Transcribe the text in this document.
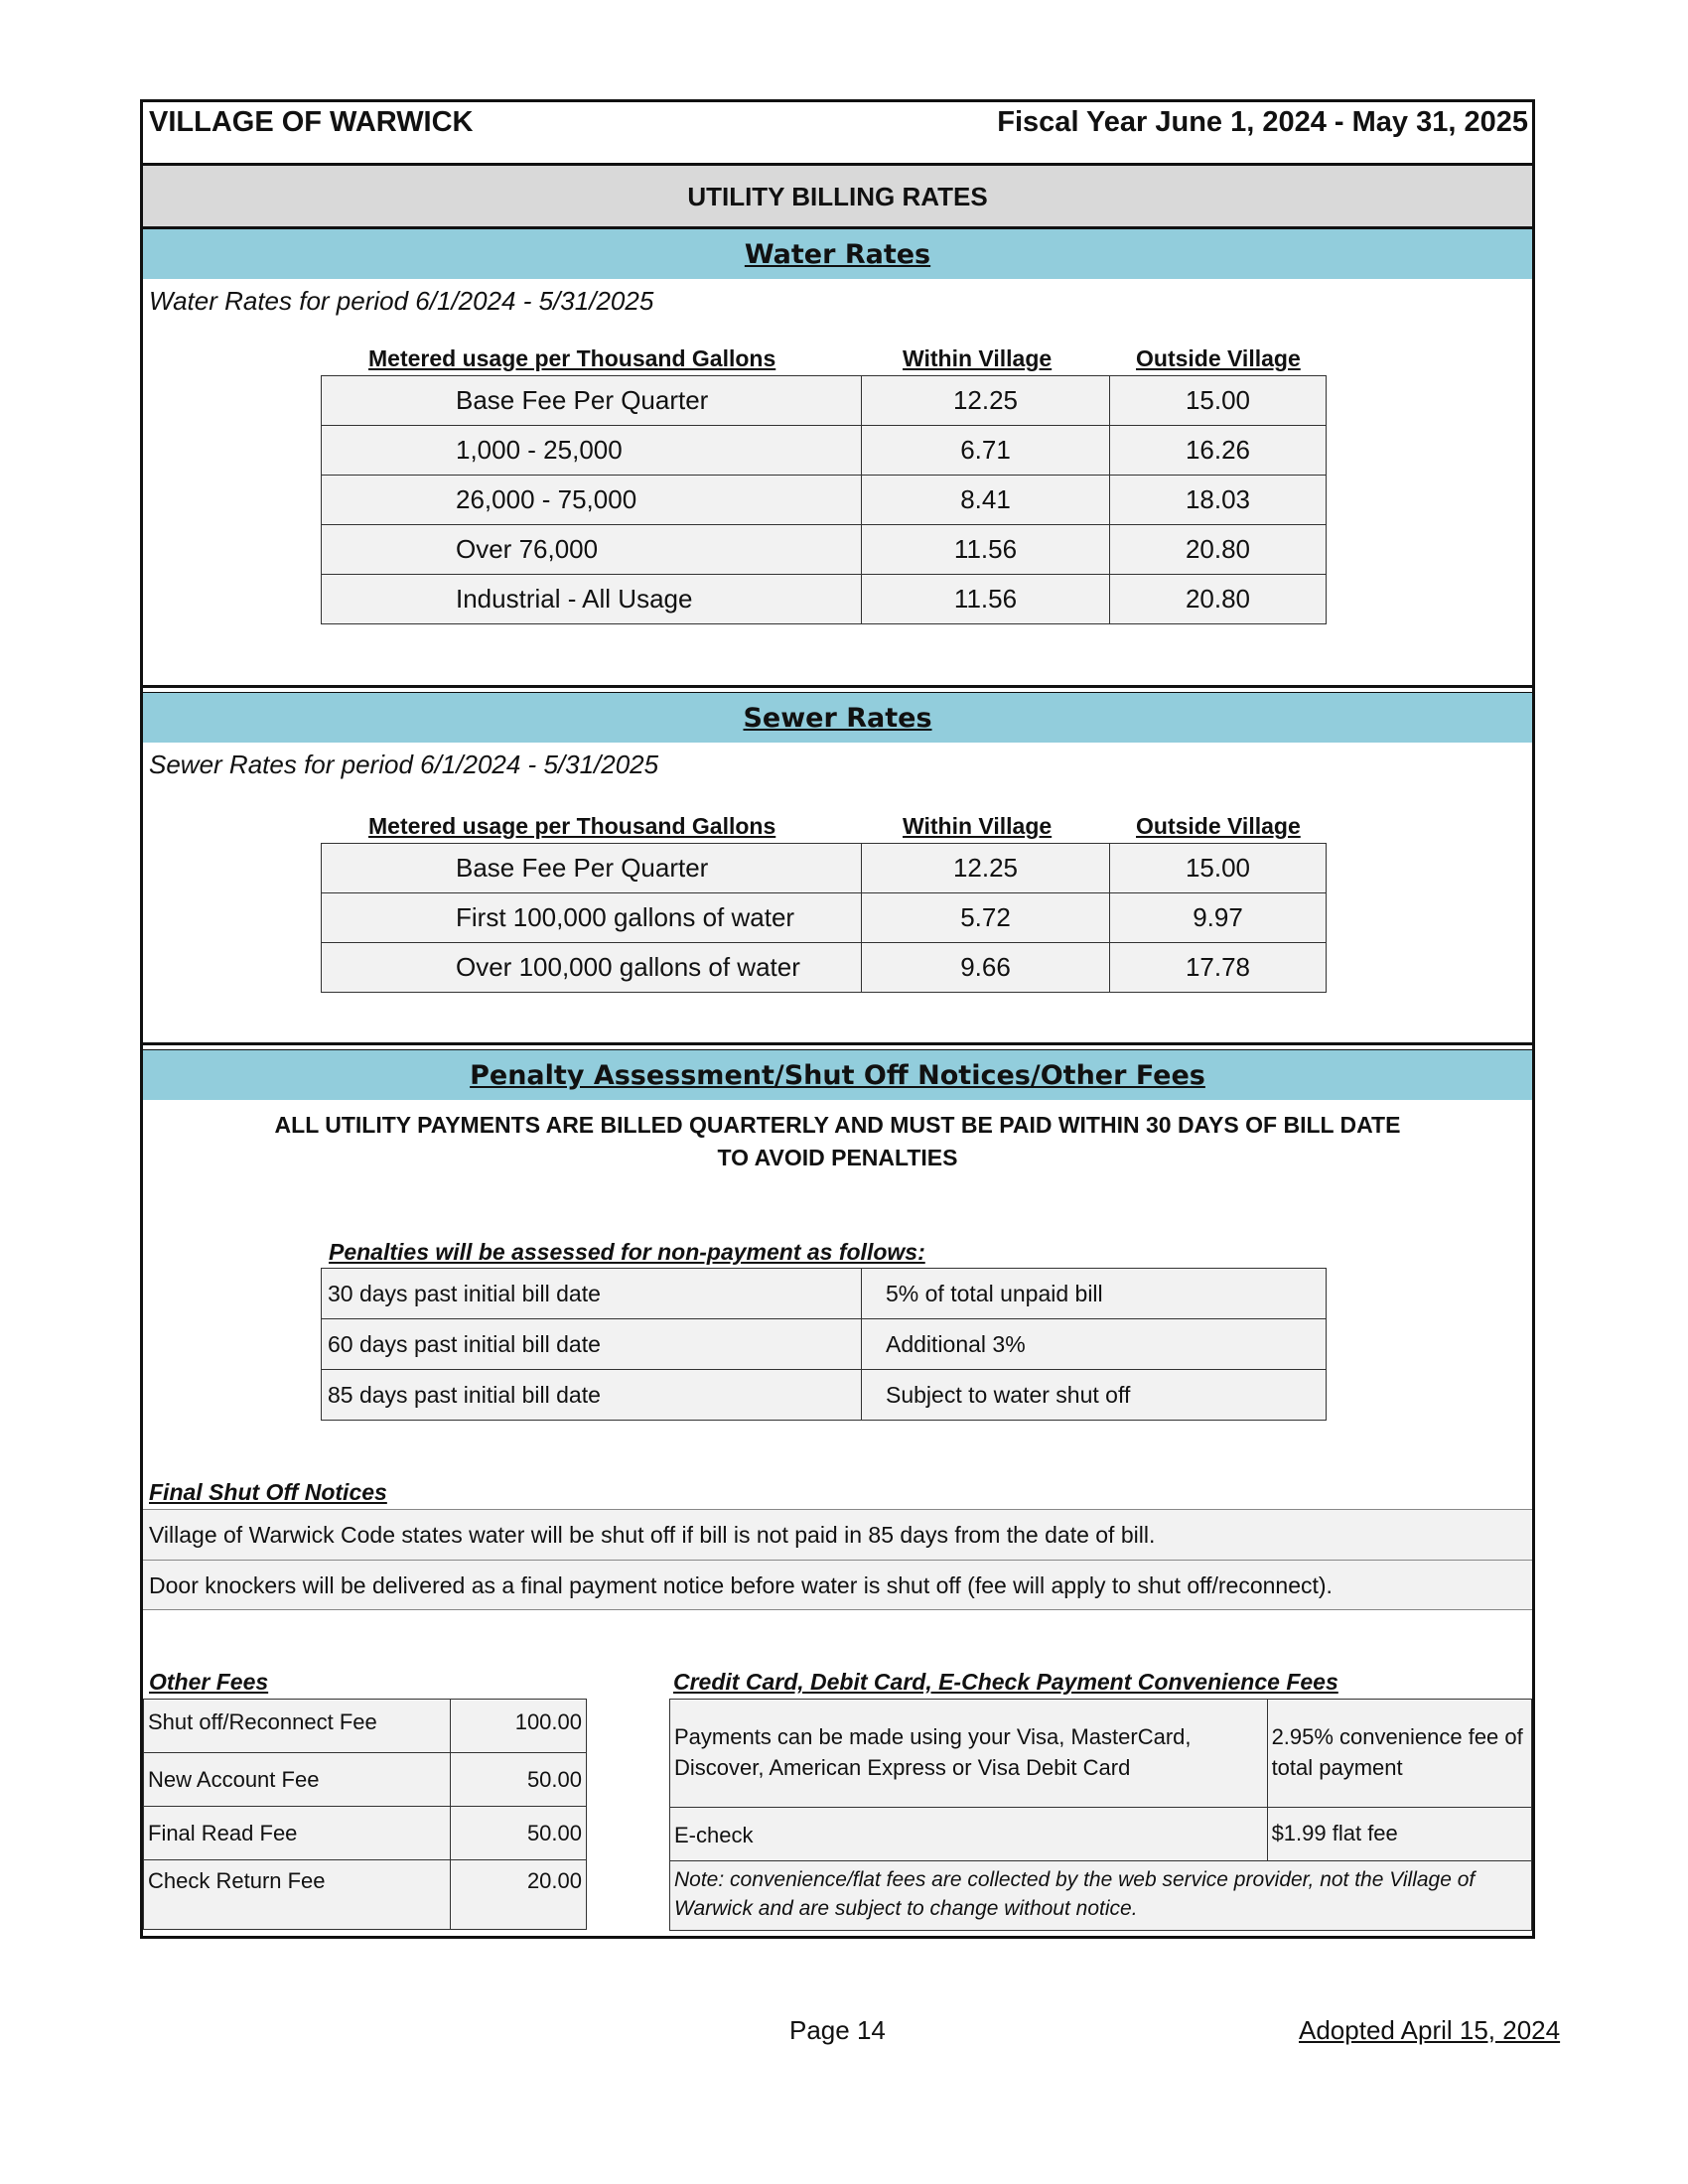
VILLAGE OF WARWICK	Fiscal Year June 1, 2024 - May 31, 2025
UTILITY BILLING RATES
Water Rates
Water Rates for period 6/1/2024 - 5/31/2025
Metered usage per Thousand Gallons	Within Village	Outside Village
Base Fee Per Quarter	12.25	15.00
1,000 - 25,000	6.71	16.26
26,000 - 75,000	8.41	18.03
Over 76,000	11.56	20.80
Industrial - All Usage	11.56	20.80
Sewer Rates
Sewer Rates for period 6/1/2024 - 5/31/2025
Metered usage per Thousand Gallons	Within Village	Outside Village
Base Fee Per Quarter	12.25	15.00
First 100,000 gallons of water	5.72	9.97
Over 100,000 gallons of water	9.66	17.78
Penalty Assessment/Shut Off Notices/Other Fees
ALL UTILITY PAYMENTS ARE BILLED QUARTERLY AND MUST BE PAID WITHIN 30 DAYS OF BILL DATE
TO AVOID PENALTIES
Penalties will be assessed for non-payment as follows:
30 days past initial bill date	5% of total unpaid bill
60 days past initial bill date	Additional 3%
85 days past initial bill date	Subject to water shut off
Final Shut Off Notices
Village of Warwick Code states water will be shut off if bill is not paid in 85 days from the date of bill.
Door knockers will be delivered as a final payment notice before water is shut off (fee will apply to shut off/reconnect).
Other Fees
Shut off/Reconnect Fee	100.00
New Account Fee	50.00
Final Read Fee	50.00
Check Return Fee	20.00
Credit Card, Debit Card, E-Check Payment Convenience Fees
Payments can be made using your Visa, MasterCard, Discover, American Express or Visa Debit Card	2.95% convenience fee of total payment
E-check	$1.99 flat fee
Note: convenience/flat fees are collected by the web service provider, not the Village of Warwick and are subject to change without notice.	
Page 14	Adopted April 15, 2024
